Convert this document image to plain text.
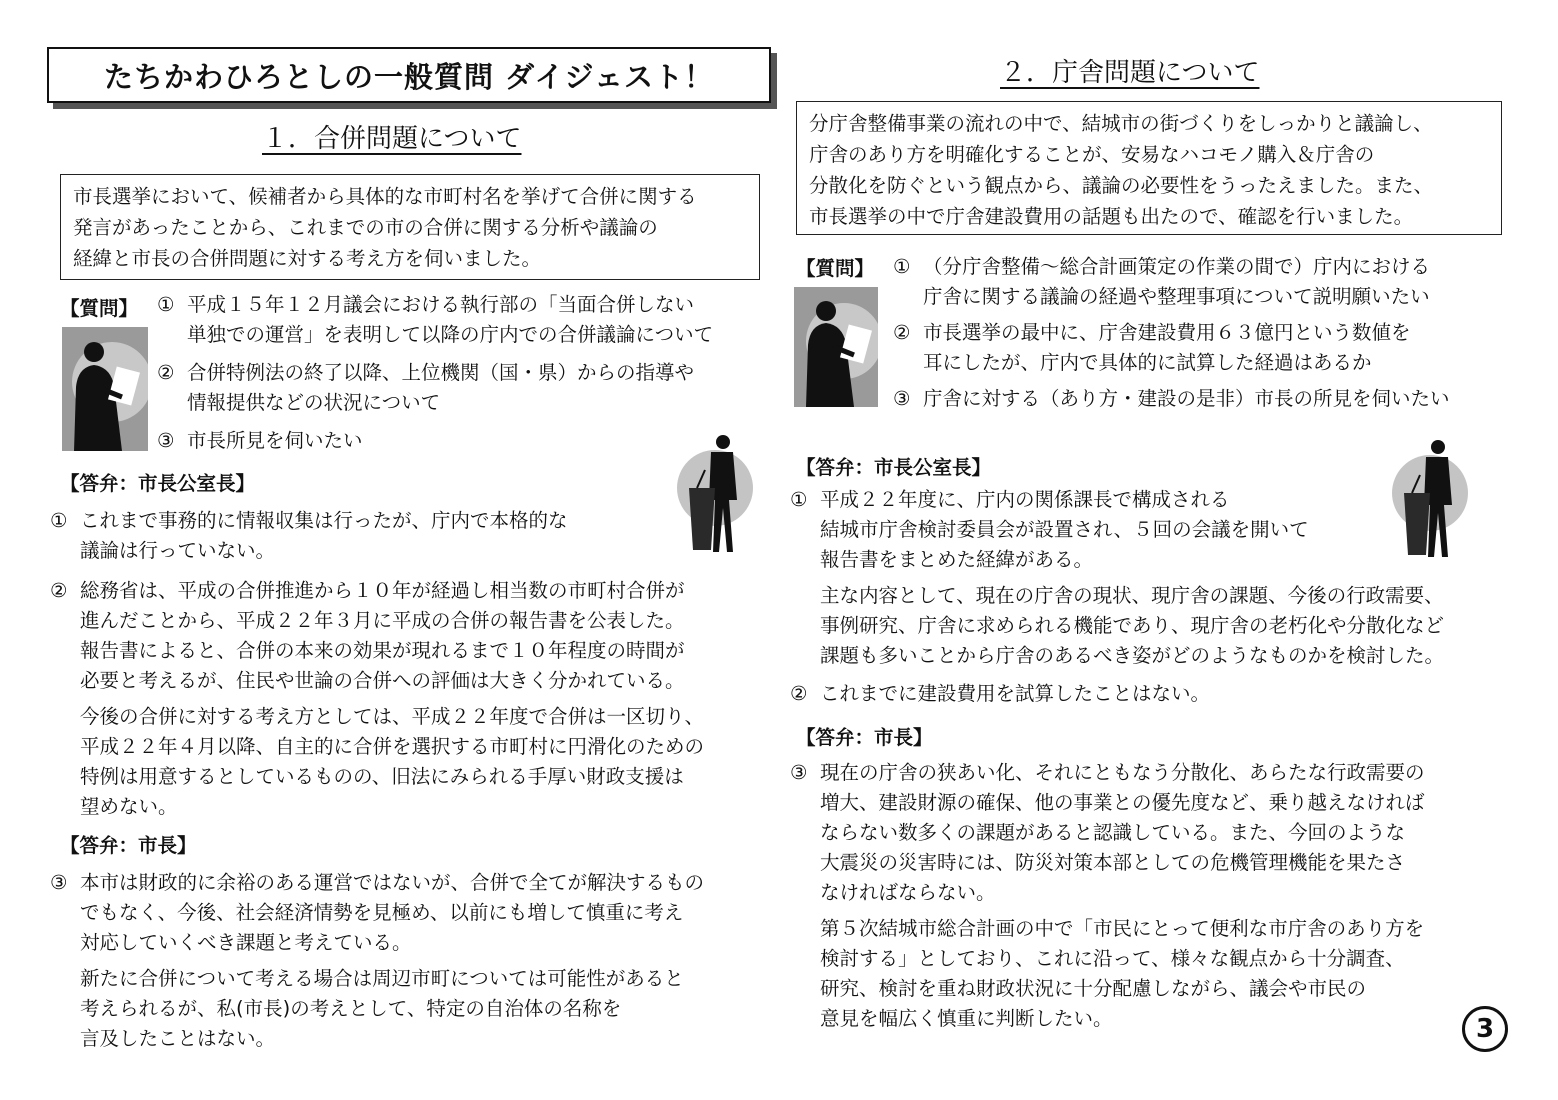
たちかわひろとしの一般質問 ダイジェスト！
１．合併問題について
市長選挙において、候補者から具体的な市町村名を挙げて合併に関する
発言があったことから、これまでの市の合併に関する分析や議論の
経緯と市長の合併問題に対する考え方を伺いました。
【質問】 ① 平成１５年１２月議会における執行部の「当面合併しない
単独での運営」を表明して以降の庁内での合併議論について
② 合併特例法の終了以降、上位機関（国・県）からの指導や
情報提供などの状況について
③ 市長所見を伺いたい
【答弁：市長公室長】
① これまで事務的に情報収集は行ったが、庁内で本格的な
議論は行っていない。
② 総務省は、平成の合併推進から１０年が経過し相当数の市町村合併が
進んだことから、平成２２年３月に平成の合併の報告書を公表した。
報告書によると、合併の本来の効果が現れるまで１０年程度の時間が
必要と考えるが、住民や世論の合併への評価は大きく分かれている。
今後の合併に対する考え方としては、平成２２年度で合併は一区切り、
平成２２年４月以降、自主的に合併を選択する市町村に円滑化のための
特例は用意するとしているものの、旧法にみられる手厚い財政支援は
望めない。
【答弁：市長】
③ 本市は財政的に余裕のある運営ではないが、合併で全てが解決するもの
でもなく、今後、社会経済情勢を見極め、以前にも増して慎重に考え
対応していくべき課題と考えている。
新たに合併について考える場合は周辺市町については可能性があると
考えられるが、私(市長)の考えとして、特定の自治体の名称を
言及したことはない。
２．庁舎問題について
分庁舎整備事業の流れの中で、結城市の街づくりをしっかりと議論し、
庁舎のあり方を明確化することが、安易なハコモノ購入＆庁舎の
分散化を防ぐという観点から、議論の必要性をうったえました。また、
市長選挙の中で庁舎建設費用の話題も出たので、確認を行いました。
【質問】 ① （分庁舎整備～総合計画策定の作業の間で）庁内における
庁舎に関する議論の経過や整理事項について説明願いたい
② 市長選挙の最中に、庁舎建設費用６３億円という数値を
耳にしたが、庁内で具体的に試算した経過はあるか
③ 庁舎に対する（あり方・建設の是非）市長の所見を伺いたい
【答弁：市長公室長】
① 平成２２年度に、庁内の関係課長で構成される
結城市庁舎検討委員会が設置され、５回の会議を開いて
報告書をまとめた経緯がある。
主な内容として、現在の庁舎の現状、現庁舎の課題、今後の行政需要、
事例研究、庁舎に求められる機能であり、現庁舎の老朽化や分散化など
課題も多いことから庁舎のあるべき姿がどのようなものかを検討した。
② これまでに建設費用を試算したことはない。
【答弁：市長】
③ 現在の庁舎の狭あい化、それにともなう分散化、あらたな行政需要の
増大、建設財源の確保、他の事業との優先度など、乗り越えなければ
ならない数多くの課題があると認識している。また、今回のような
大震災の災害時には、防災対策本部としての危機管理機能を果たさ
なければならない。
第５次結城市総合計画の中で「市民にとって便利な市庁舎のあり方を
検討する」としており、これに沿って、様々な観点から十分調査、
研究、検討を重ね財政状況に十分配慮しながら、議会や市民の
意見を幅広く慎重に判断したい。	3
